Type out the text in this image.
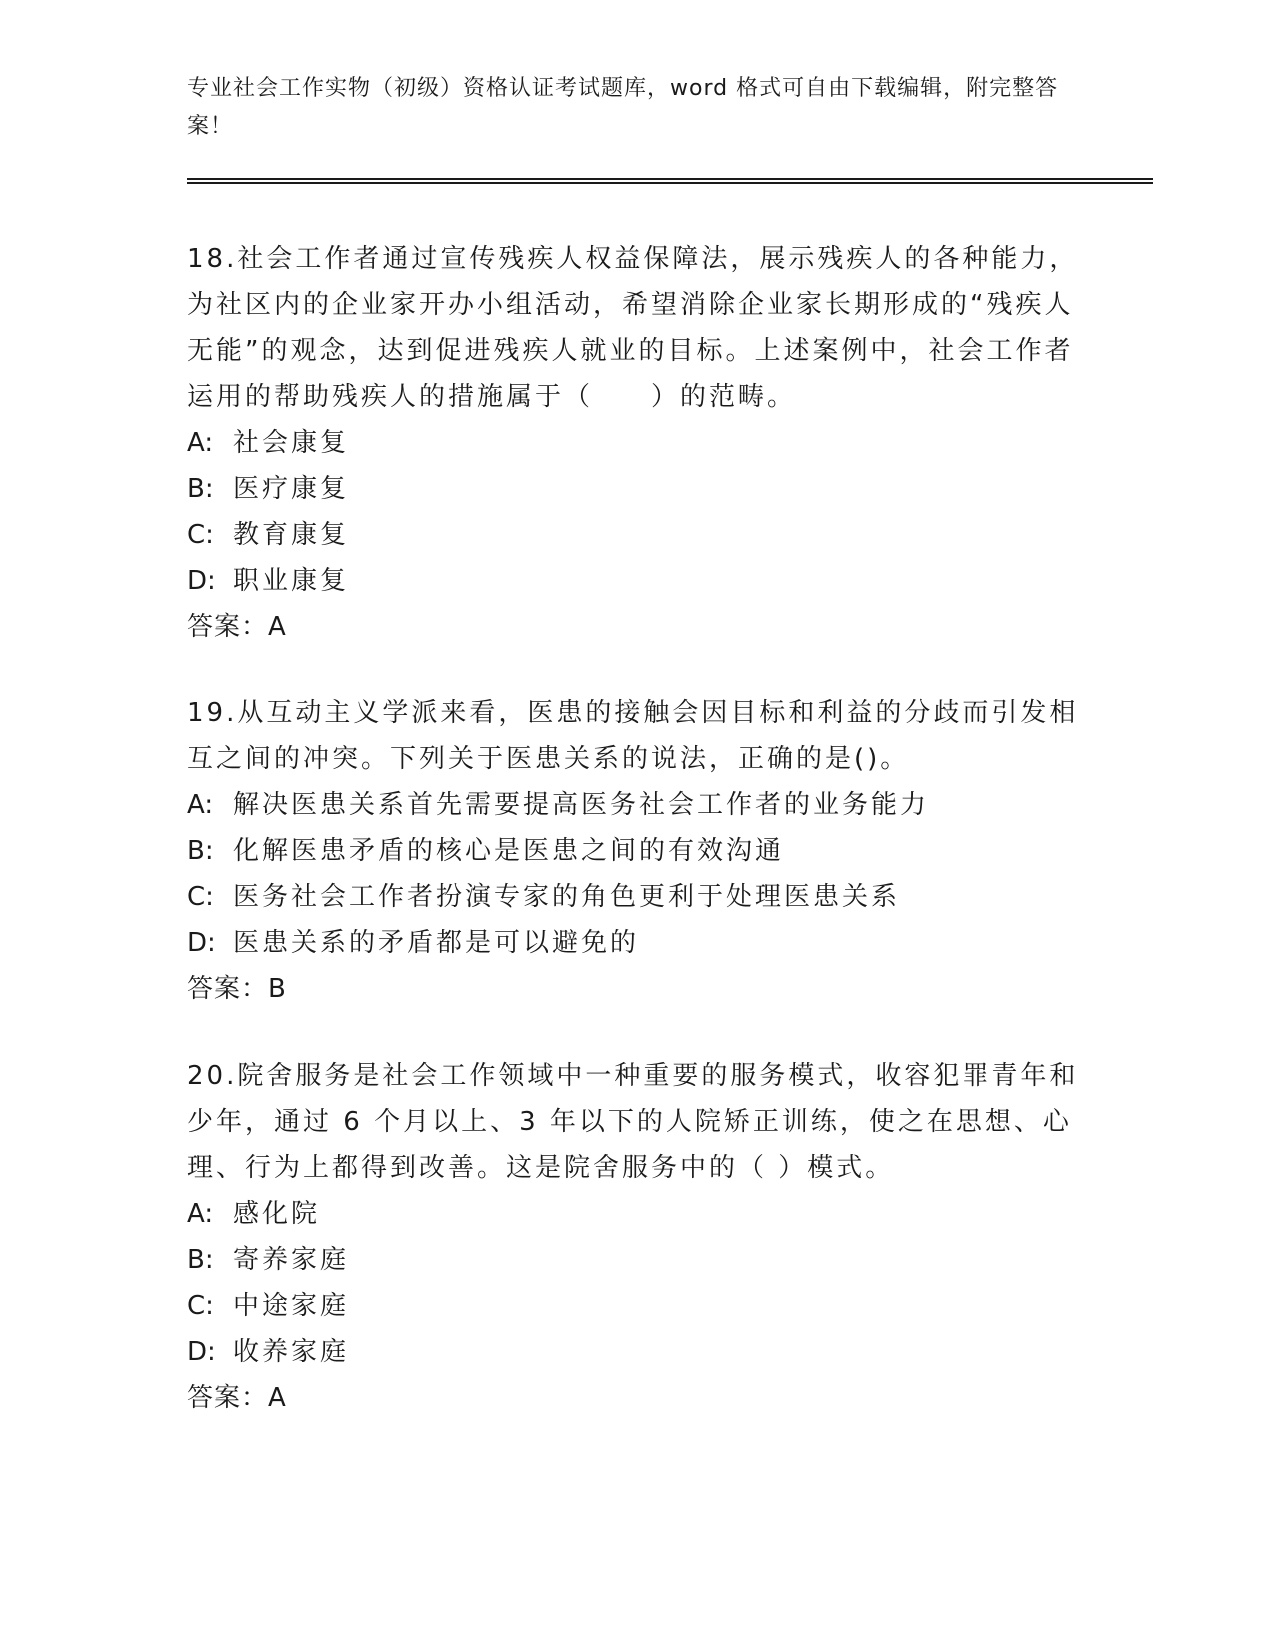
专业社会工作实物（初级）资格认证考试题库，word 格式可自由下载编辑，附完整答案！

18.社会工作者通过宣传残疾人权益保障法，展示残疾人的各种能力，为社区内的企业家开办小组活动，希望消除企业家长期形成的“残疾人无能”的观念，达到促进残疾人就业的目标。上述案例中，社会工作者运用的帮助残疾人的措施属于（　　）的范畴。

A: 社会康复

B: 医疗康复

C: 教育康复

D: 职业康复

答案：A

19.从互动主义学派来看，医患的接触会因目标和利益的分歧而引发相互之间的冲突。下列关于医患关系的说法，正确的是()。

A: 解决医患关系首先需要提高医务社会工作者的业务能力

B: 化解医患矛盾的核心是医患之间的有效沟通

C: 医务社会工作者扮演专家的角色更利于处理医患关系

D: 医患关系的矛盾都是可以避免的

答案：B

20.院舍服务是社会工作领域中一种重要的服务模式，收容犯罪青年和少年，通过 6 个月以上、3 年以下的人院矫正训练，使之在思想、心理、行为上都得到改善。这是院舍服务中的（ ）模式。

A: 感化院

B: 寄养家庭

C: 中途家庭

D: 收养家庭

答案：A
